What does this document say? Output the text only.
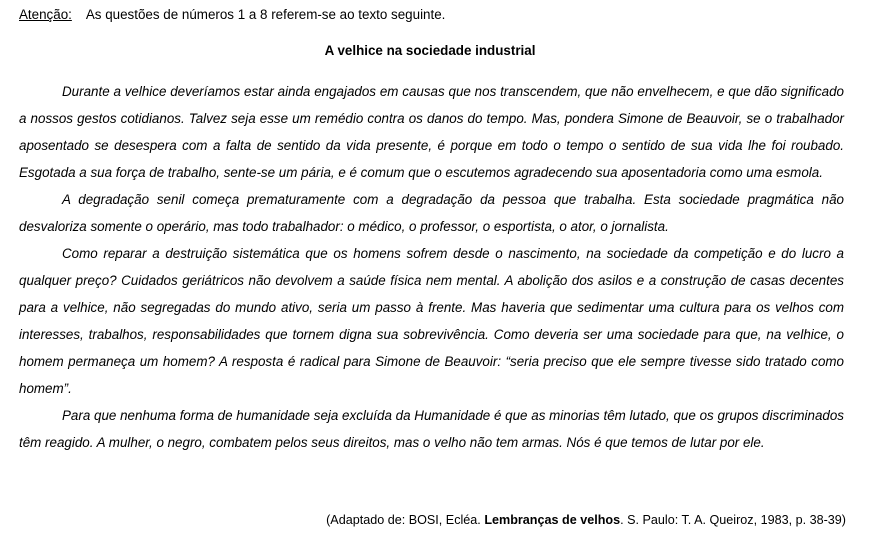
Atenção: As questões de números 1 a 8 referem-se ao texto seguinte.
A velhice na sociedade industrial

Durante a velhice deveríamos estar ainda engajados em causas que nos transcendem, que não envelhecem, e que dão significado a nossos gestos cotidianos. Talvez seja esse um remédio contra os danos do tempo. Mas, pondera Simone de Beauvoir, se o trabalhador aposentado se desespera com a falta de sentido da vida presente, é porque em todo o tempo o sentido de sua vida lhe foi roubado. Esgotada a sua força de trabalho, sente-se um pária, e é comum que o escutemos agradecendo sua aposentadoria como uma esmola.

A degradação senil começa prematuramente com a degradação da pessoa que trabalha. Esta sociedade pragmática não desvaloriza somente o operário, mas todo trabalhador: o médico, o professor, o esportista, o ator, o jornalista.

Como reparar a destruição sistemática que os homens sofrem desde o nascimento, na sociedade da competição e do lucro a qualquer preço? Cuidados geriátricos não devolvem a saúde física nem mental. A abolição dos asilos e a construção de casas decentes para a velhice, não segregadas do mundo ativo, seria um passo à frente. Mas haveria que sedimentar uma cultura para os velhos com interesses, trabalhos, responsabilidades que tornem digna sua sobrevivência. Como deveria ser uma sociedade para que, na velhice, o homem permaneça um homem? A resposta é radical para Simone de Beauvoir: “seria preciso que ele sempre tivesse sido tratado como homem”.

Para que nenhuma forma de humanidade seja excluída da Humanidade é que as minorias têm lutado, que os grupos discriminados têm reagido. A mulher, o negro, combatem pelos seus direitos, mas o velho não tem armas. Nós é que temos de lutar por ele.

(Adaptado de: BOSI, Ecléa. Lembranças de velhos. S. Paulo: T. A. Queiroz, 1983, p. 38-39)
